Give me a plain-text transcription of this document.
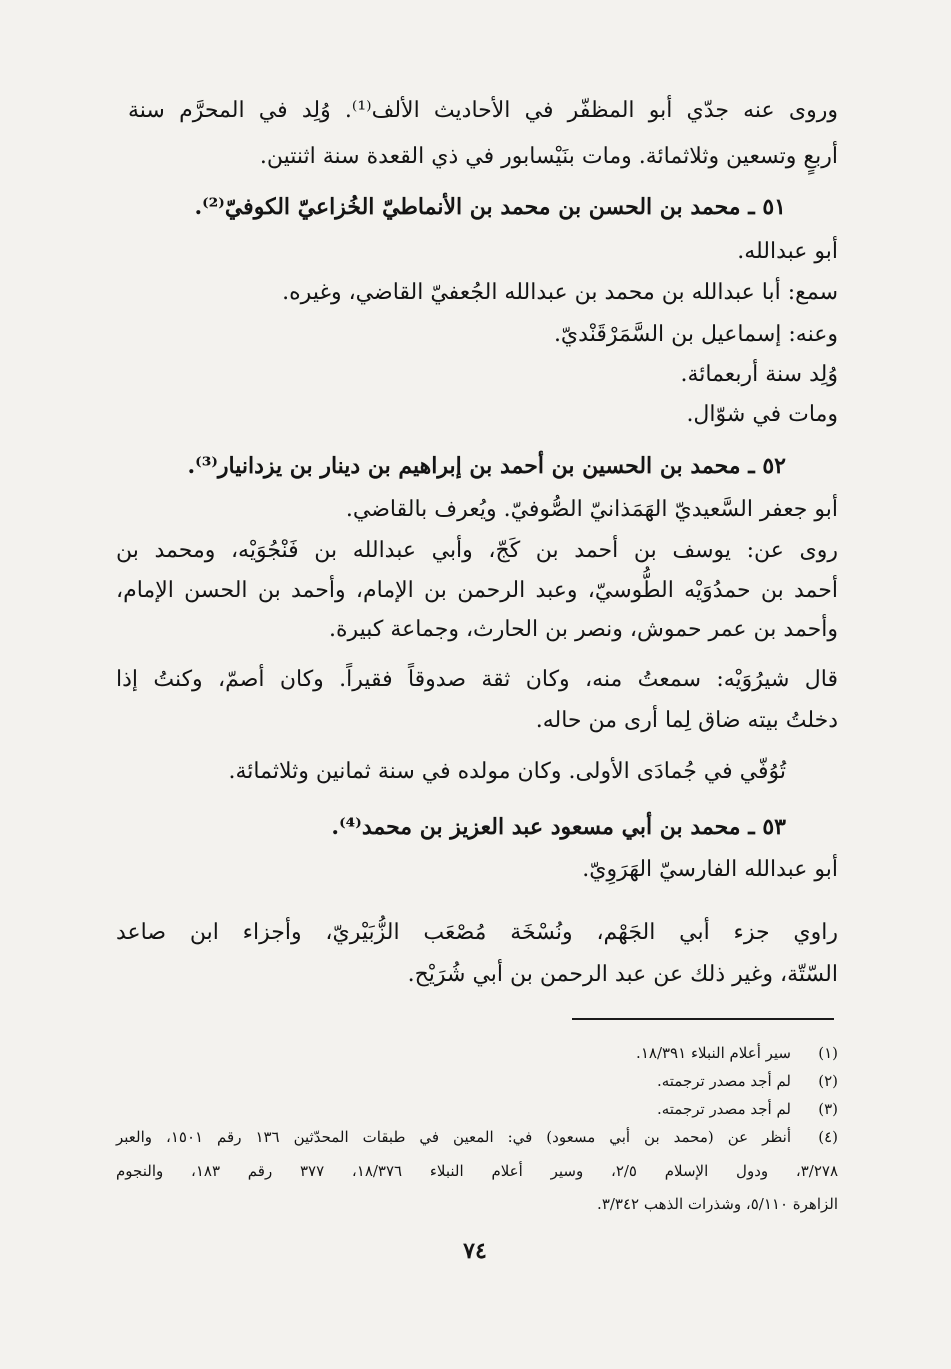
وروى عنه جدّي أبو المظفّر في الأحاديث الألف⁽¹⁾. وُلِد في المحرَّم سنة
أربعٍ وتسعين وثلاثمائة. ومات بنَيْسابور في ذي القعدة سنة اثنتين.
٥١ ـ محمد بن الحسن بن محمد بن الأنماطيّ الخُزاعيّ الكوفيّ⁽²⁾.
أبو عبدالله.
سمع: أبا عبدالله بن محمد بن عبدالله الجُعفيّ القاضي، وغيره.
وعنه: إسماعيل بن السَّمَرْقَنْديّ.
وُلِد سنة أربعمائة.
ومات في شوّال.
٥٢ ـ محمد بن الحسين بن أحمد بن إبراهيم بن دينار بن يزدانيار⁽³⁾.
أبو جعفر السَّعيديّ الهَمَذانيّ الصُّوفيّ. ويُعرف بالقاضي.
روى عن: يوسف بن أحمد بن كَجّ، وأبي عبدالله بن فَنْجُوَيْه، ومحمد بن
أحمد بن حمدُوَيْه الطُّوسيّ، وعبد الرحمن بن الإمام، وأحمد بن الحسن الإمام،
وأحمد بن عمر حموش، ونصر بن الحارث، وجماعة كبيرة.
قال شيرُوَيْه: سمعتُ منه، وكان ثقة صدوقاً فقيراً. وكان أصمّ، وكنتُ إذا
دخلتُ بيته ضاق لِما أرى من حاله.
تُوُفّي في جُمادَى الأولى. وكان مولده في سنة ثمانين وثلاثمائة.
٥٣ ـ محمد بن أبي مسعود عبد العزيز بن محمد⁽⁴⁾.
أبو عبدالله الفارسيّ الهَرَوِيّ.
راوي جزء أبي الجَهْم، ونُسْخَة مُصْعَب الزُّبَيْريّ، وأجزاء ابن صاعد
السّتّة، وغير ذلك عن عبد الرحمن بن أبي شُرَيْح.
(١)
سير أعلام النبلاء ١٨/٣٩١.
(٢)
لم أجد مصدر ترجمته.
(٣)
لم أجد مصدر ترجمته.
(٤)
أنظر عن (محمد بن أبي مسعود) في: المعين في طبقات المحدّثين ١٣٦ رقم ١٥٠١، والعبر
٣/٢٧٨، ودول الإسلام ٢/٥، وسير أعلام النبلاء ١٨/٣٧٦، ٣٧٧ رقم ١٨٣، والنجوم
الزاهرة ٥/١١٠، وشذرات الذهب ٣/٣٤٢.
٧٤
